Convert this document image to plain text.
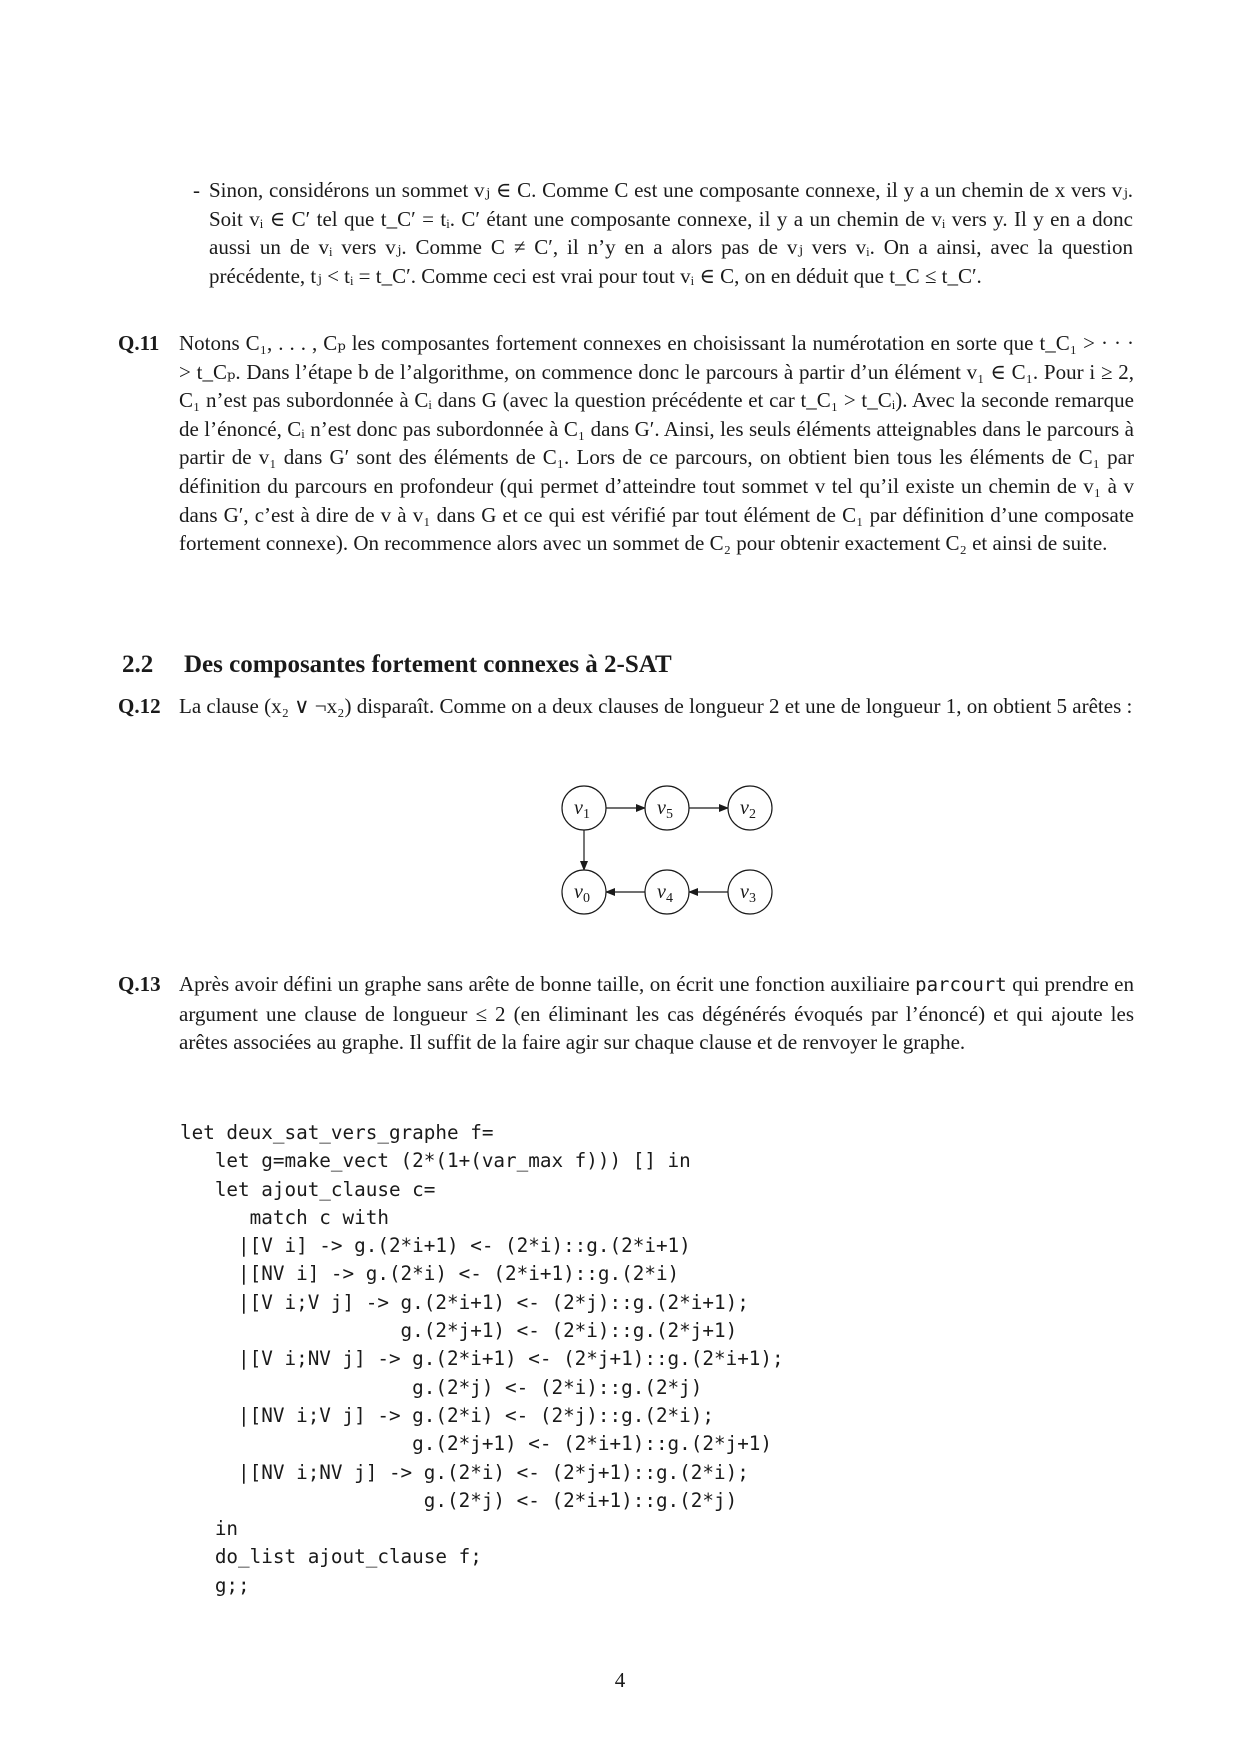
- Sinon, considérons un sommet vⱼ ∈ C. Comme C est une composante connexe, il y a un chemin de x vers vⱼ. Soit vᵢ ∈ C′ tel que t_C′ = tᵢ. C′ étant une composante connexe, il y a un chemin de vᵢ vers y. Il y en a donc aussi un de vᵢ vers vⱼ. Comme C ≠ C′, il n’y en a alors pas de vⱼ vers vᵢ. On a ainsi, avec la question précédente, tⱼ < tᵢ = t_C′. Comme ceci est vrai pour tout vᵢ ∈ C, on en déduit que t_C ≤ t_C′.
Q.11 Notons C₁, . . . , Cₚ les composantes fortement connexes en choisissant la numérotation en sorte que t_C₁ > · · · > t_Cₚ. Dans l’étape b de l’algorithme, on commence donc le parcours à partir d’un élément v₁ ∈ C₁. Pour i ≥ 2, C₁ n’est pas subordonnée à Cᵢ dans G (avec la question précédente et car t_C₁ > t_Cᵢ). Avec la seconde remarque de l’énoncé, Cᵢ n’est donc pas subordonnée à C₁ dans G′. Ainsi, les seuls éléments atteignables dans le parcours à partir de v₁ dans G′ sont des éléments de C₁. Lors de ce parcours, on obtient bien tous les éléments de C₁ par définition du parcours en profondeur (qui permet d’atteindre tout sommet v tel qu’il existe un chemin de v₁ à v dans G′, c’est à dire de v à v₁ dans G et ce qui est vérifié par tout élément de C₁ par définition d’une composate fortement connexe). On recommence alors avec un sommet de C₂ pour obtenir exactement C₂ et ainsi de suite.
2.2 Des composantes fortement connexes à 2-SAT
Q.12 La clause (x₂ ∨ ¬x₂) disparaît. Comme on a deux clauses de longueur 2 et une de longueur 1, on obtient 5 arêtes :
$v_1$	$v_5$	$v_2$
$v_0$	$v_4$	$v_3$
Q.13 Après avoir défini un graphe sans arête de bonne taille, on écrit une fonction auxiliaire parcourt qui prendre en argument une clause de longueur ≤ 2 (en éliminant les cas dégénérés évoqués par l’énoncé) et qui ajoute les arêtes associées au graphe. Il suffit de la faire agir sur chaque clause et de renvoyer le graphe.
let deux_sat_vers_graphe f=
let g=make_vect (2*(1+(var_max f))) [] in
let ajout_clause c=
match c with
|[V i] -> g.(2*i+1) <- (2*i)::g.(2*i+1)
|[NV i] -> g.(2*i) <- (2*i+1)::g.(2*i)
|[V i;V j] -> g.(2*i+1) <- (2*j)::g.(2*i+1);
g.(2*j+1) <- (2*i)::g.(2*j+1)
|[V i;NV j] -> g.(2*i+1) <- (2*j+1)::g.(2*i+1);
g.(2*j) <- (2*i)::g.(2*j)
|[NV i;V j] -> g.(2*i) <- (2*j)::g.(2*i);
g.(2*j+1) <- (2*i+1)::g.(2*j+1)
|[NV i;NV j] -> g.(2*i) <- (2*j+1)::g.(2*i);
g.(2*j) <- (2*i+1)::g.(2*j)
in
do_list ajout_clause f;
g;;
4
